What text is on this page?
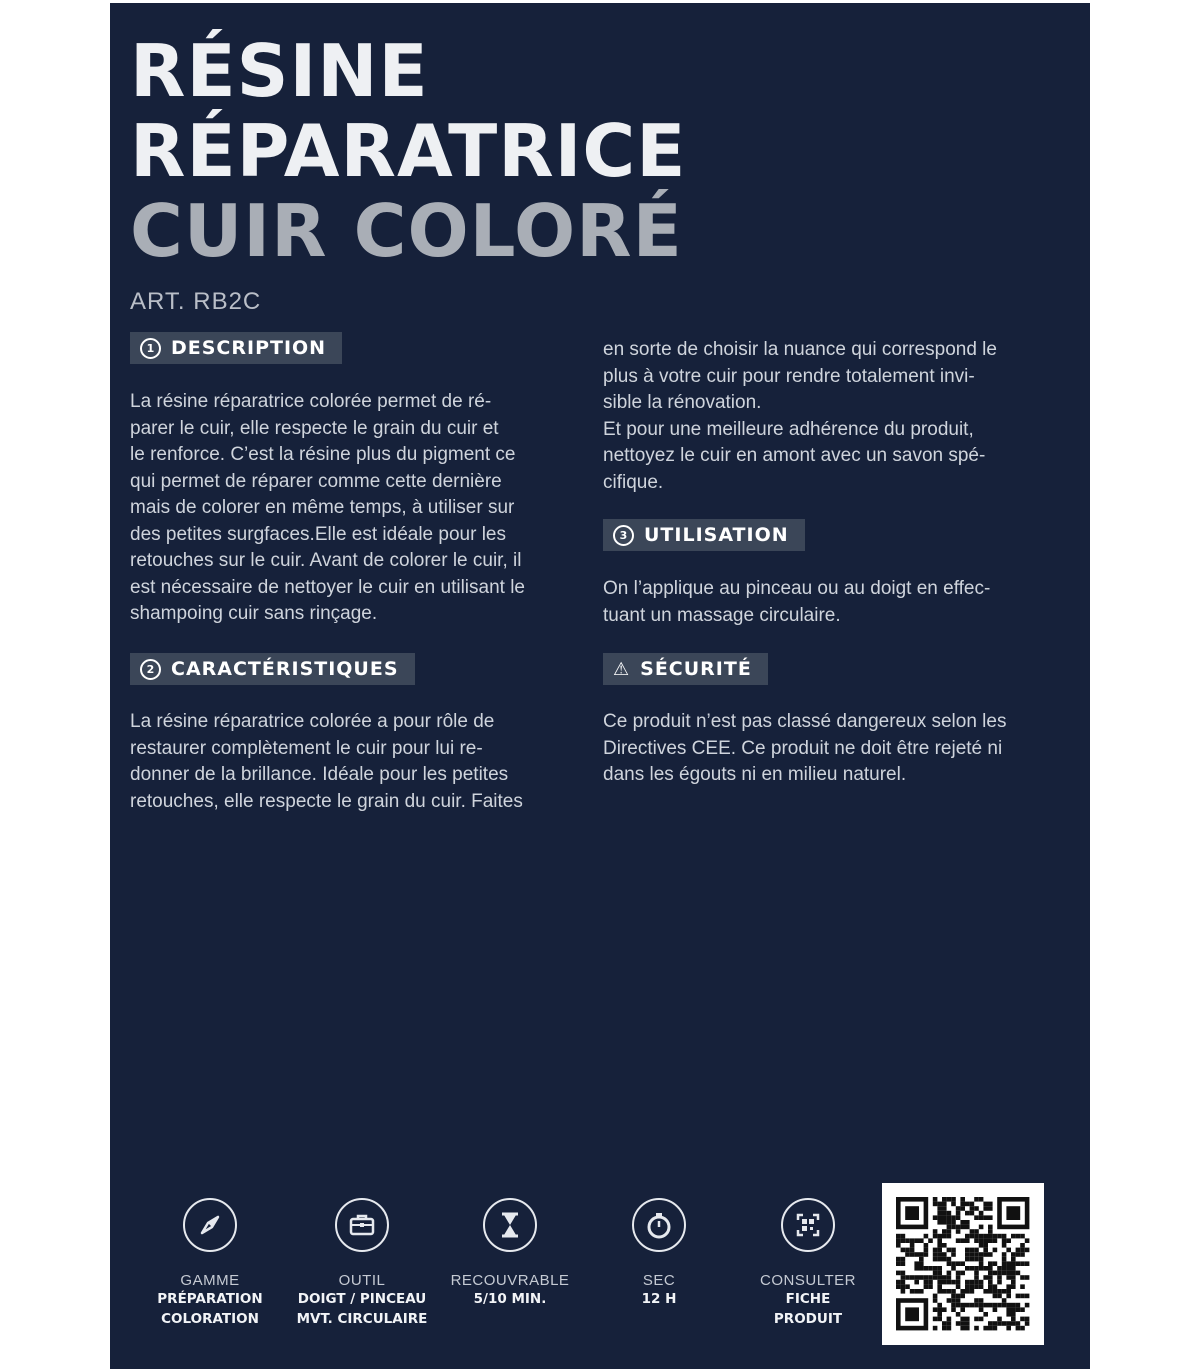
RÉSINE
RÉPARATRICE
CUIR COLORÉ
ART. RB2C
1 DESCRIPTION
La résine réparatrice colorée permet de ré-
parer le cuir, elle respecte le grain du cuir et
le renforce. C’est la résine plus du pigment ce
qui permet de réparer comme cette dernière
mais de colorer en même temps, à utiliser sur
des petites surgfaces.Elle est idéale pour les
retouches sur le cuir. Avant de colorer le cuir, il
est nécessaire de nettoyer le cuir en utilisant le
shampoing cuir sans rinçage.
2 CARACTÉRISTIQUES
La résine réparatrice colorée a pour rôle de
restaurer complètement le cuir pour lui re-
donner de la brillance. Idéale pour les petites
retouches, elle respecte le grain du cuir. Faites
en sorte de choisir la nuance qui correspond le
plus à votre cuir pour rendre totalement invi-
sible la rénovation.
Et pour une meilleure adhérence du produit,
nettoyez le cuir en amont avec un savon spé-
cifique.
3 UTILISATION
On l’applique au pinceau ou au doigt en effec-
tuant un massage circulaire.
⚠ SÉCURITÉ
Ce produit n’est pas classé dangereux selon les
Directives CEE. Ce produit ne doit être rejeté ni
dans les égouts ni en milieu naturel.
GAMME
PRÉPARATION
COLORATION
OUTIL
DOIGT / PINCEAU
MVT. CIRCULAIRE
RECOUVRABLE
5/10 MIN.
SEC
12 H
CONSULTER
FICHE
PRODUIT
